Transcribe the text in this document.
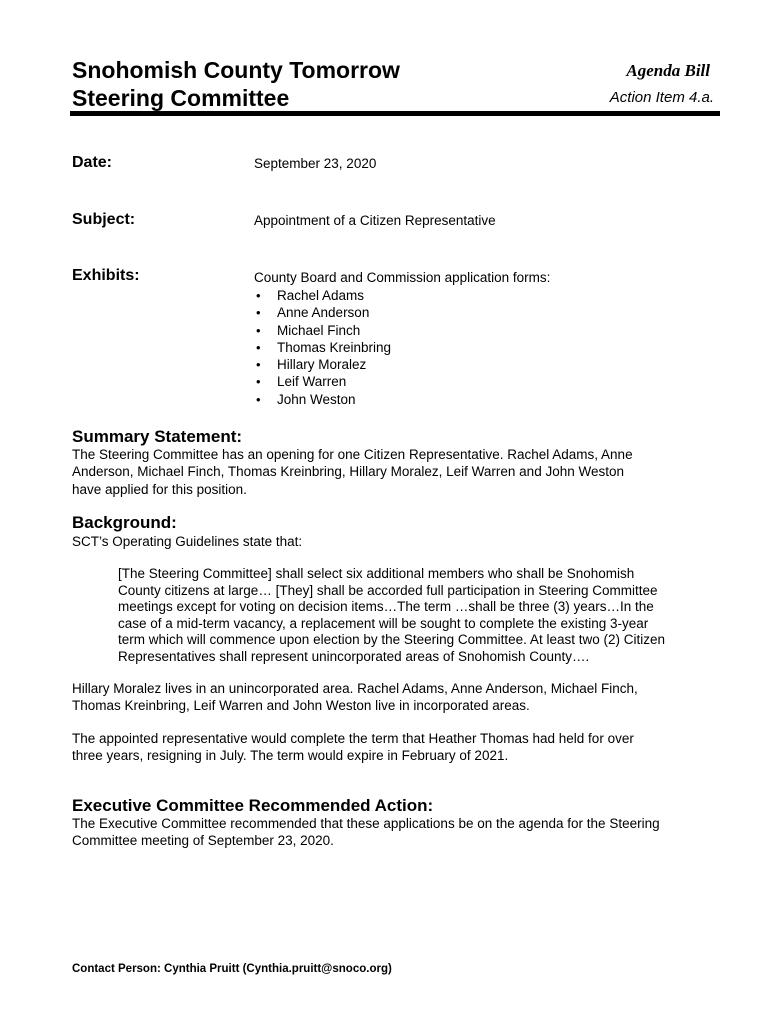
Snohomish County Tomorrow
Steering Committee
Agenda Bill
Action Item 4.a.
Date:	September 23, 2020
Subject:	Appointment of a Citizen Representative
Exhibits:	County Board and Commission application forms:
• Rachel Adams
• Anne Anderson
• Michael Finch
• Thomas Kreinbring
• Hillary Moralez
• Leif Warren
• John Weston
Summary Statement:

The Steering Committee has an opening for one Citizen Representative. Rachel Adams, Anne
Anderson, Michael Finch, Thomas Kreinbring, Hillary Moralez, Leif Warren and John Weston
have applied for this position.

Background:

SCT’s Operating Guidelines state that:

[The Steering Committee] shall select six additional members who shall be Snohomish
County citizens at large… [They] shall be accorded full participation in Steering Committee
meetings except for voting on decision items…The term …shall be three (3) years…In the
case of a mid-term vacancy, a replacement will be sought to complete the existing 3-year
term which will commence upon election by the Steering Committee. At least two (2) Citizen
Representatives shall represent unincorporated areas of Snohomish County….

Hillary Moralez lives in an unincorporated area. Rachel Adams, Anne Anderson, Michael Finch,
Thomas Kreinbring, Leif Warren and John Weston live in incorporated areas.

The appointed representative would complete the term that Heather Thomas had held for over
three years, resigning in July. The term would expire in February of 2021.

Executive Committee Recommended Action:

The Executive Committee recommended that these applications be on the agenda for the Steering
Committee meeting of September 23, 2020.

Contact Person: Cynthia Pruitt (Cynthia.pruitt@snoco.org)
